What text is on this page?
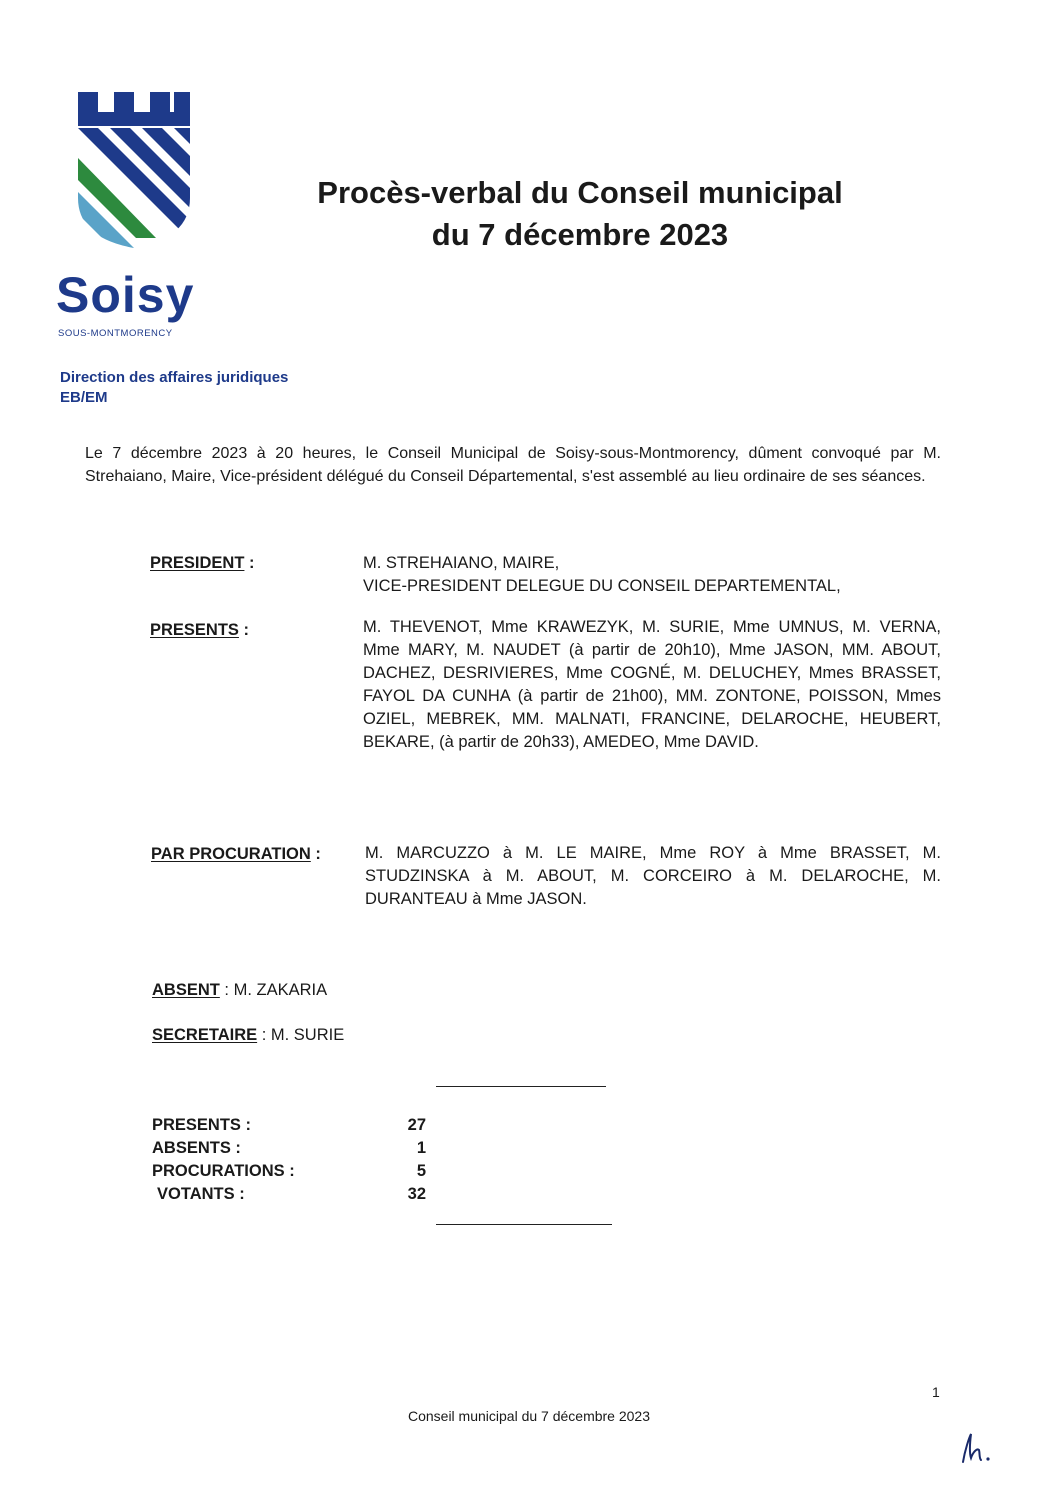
Soisy
SOUS-MONTMORENCY
Procès-verbal du Conseil municipal
du 7 décembre 2023
Direction des affaires juridiques
EB/EM
Le 7 décembre 2023 à 20 heures, le Conseil Municipal de Soisy-sous-Montmorency, dûment convoqué par M. Strehaiano, Maire, Vice-président délégué du Conseil Départemental, s'est assemblé au lieu ordinaire de ses séances.
PRESIDENT :	M. STREHAIANO, MAIRE,
VICE-PRESIDENT DELEGUE DU CONSEIL DEPARTEMENTAL,
PRESENTS :	M. THEVENOT, Mme KRAWEZYK, M. SURIE, Mme UMNUS, M. VERNA, Mme MARY, M. NAUDET (à partir de 20h10), Mme JASON, MM. ABOUT, DACHEZ, DESRIVIERES, Mme COGNÉ, M. DELUCHEY, Mmes BRASSET, FAYOL DA CUNHA (à partir de 21h00), MM. ZONTONE, POISSON, Mmes OZIEL, MEBREK, MM. MALNATI, FRANCINE, DELAROCHE, HEUBERT, BEKARE, (à partir de 20h33), AMEDEO, Mme DAVID.
PAR PROCURATION :	M. MARCUZZO à M. LE MAIRE, Mme ROY à Mme BRASSET, M. STUDZINSKA à M. ABOUT, M. CORCEIRO à M. DELAROCHE, M. DURANTEAU à Mme JASON.
ABSENT : M. ZAKARIA
SECRETAIRE : M. SURIE
PRESENTS :	27
ABSENTS :	1
PROCURATIONS :	5
VOTANTS :	32
1
Conseil municipal du 7 décembre 2023
